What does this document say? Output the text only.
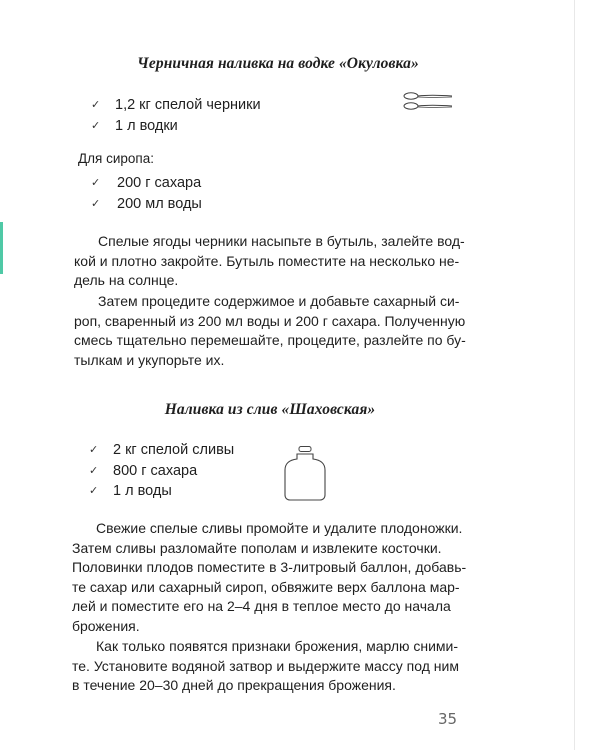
Черничная наливка на водке «Окуловка»
✓ 1,2 кг спелой черники
✓ 1 л водки
Для сиропа:
✓ 200 г сахара
✓ 200 мл воды

Спелые ягоды черники насыпьте в бутыль, залейте вод-
кой и плотно закройте. Бутыль поместите на несколько не-
дель на солнце.

Затем процедите содержимое и добавьте сахарный си-
роп, сваренный из 200 мл воды и 200 г сахара. Полученную
смесь тщательно перемешайте, процедите, разлейте по бу-
тылкам и укупорьте их.

Наливка из слив «Шаховская»
✓ 2 кг спелой сливы
✓ 800 г сахара
✓ 1 л воды

Свежие спелые сливы промойте и удалите плодоножки.
Затем сливы разломайте пополам и извлеките косточки.
Половинки плодов поместите в 3-литровый баллон, добавь-
те сахар или сахарный сироп, обвяжите верх баллона мар-
лей и поместите его на 2–4 дня в теплое место до начала
брожения.

Как только появятся признаки брожения, марлю сними-
те. Установите водяной затвор и выдержите массу под ним
в течение 20–30 дней до прекращения брожения.

35
